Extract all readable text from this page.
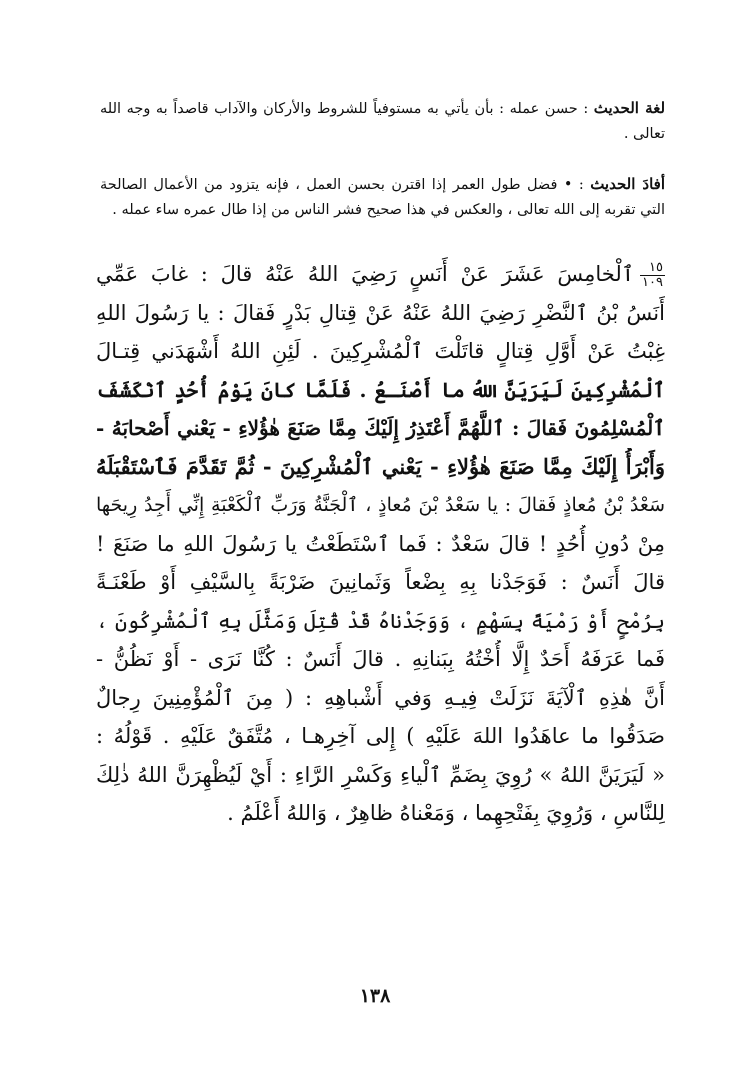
لغة الحديث : حسن عمله : بأن يأتي به مستوفياً للشروط والأركان والآداب قاصداً به وجه الله تعالى .
أفادَ الحديث : • فضل طول العمر إذا اقترن بحسن العمل ، فإنه يتزود من الأعمال الصالحة التي تقربه إلى الله تعالى ، والعكس في هذا صحيح فشر الناس من إذا طال عمره ساء عمله .
١٥
١٠٩
ٱلْخامِسَ عَشَرَ عَنْ أَنَسٍ رَضِيَ اللهُ عَنْهُ قالَ : غابَ عَمِّي
أَنَسُ بْنُ ٱلنَّضْرِ رَضِيَ اللهُ عَنْهُ عَنْ قِتالِ بَدْرٍ فَقالَ : يا رَسُولَ اللهِ
غِبْتُ عَنْ أَوَّلِ قِتالٍ قاتَلْتَ ٱلْمُشْرِكِينَ . لَئِنِ اللهُ أَشْهَدَني قِتـالَ
ٱلْمُشْرِكِينَ لَيَرَيَنَّ اللهُ ما أَصْنَـعُ . فَلَمَّا كانَ يَوْمُ أُحُدٍ ٱنْكَشَفَ
ٱلْمُسْلِمُونَ فَقالَ : ٱللَّهُمَّ أَعْتَذِرُ إِلَيْكَ مِمَّا صَنَعَ هٰؤُلاءِ - يَعْني أَصْحابَهُ -
وَأَبْرَأُ إِلَيْكَ مِمَّا صَنَعَ هٰؤُلاءِ - يَعْني ٱلْمُشْرِكِينَ - ثُمَّ تَقَدَّمَ فَٱسْتَقْبَلَهُ
سَعْدُ بْنُ مُعاذٍ فَقالَ : يا سَعْدُ بْنَ مُعاذٍ ، ٱلْجَنَّةُ وَرَبِّ ٱلْكَعْبَةِ إِنِّي أَجِدُ رِيحَها
مِنْ دُونِ أُحُدٍ ! قالَ سَعْدٌ : فَما ٱسْتَطَعْتُ يا رَسُولَ اللهِ ما صَنَعَ !
قالَ أَنَسٌ : فَوَجَدْنا بِهِ بِضْعاً وَثَمانِينَ ضَرْبَةً بِالسَّيْفِ أَوْ طَعْنَـةً
بِرُمْحٍ أَوْ رَمْيَةً بِسَهْمٍ ، وَوَجَدْناهُ قَدْ قُتِلَ وَمَثَّلَ بِهِ ٱلْمُشْرِكُونَ ،
فَما عَرَفَهُ أَحَدٌ إِلَّا أُخْتُهُ بِبَنانِهِ . قالَ أَنَسٌ : كُنَّا نَرَى - أَوْ نَظُنُّ -
أَنَّ هٰذِهِ ٱلْآيَةَ نَزَلَتْ فِيـهِ وَفي أَشْباهِهِ : ( مِنَ ٱلْمُؤْمِنِينَ رِجالٌ
صَدَقُوا ما عاهَدُوا اللهَ عَلَيْهِ ) إِلى آخِرِهـا ، مُتَّفَقٌ عَلَيْهِ . قَوْلُهُ :
« لَيَرَيَنَّ اللهُ » رُوِيَ بِضَمِّ ٱلْياءِ وَكَسْرِ الرَّاءِ : أَيْ لَيُظْهِرَنَّ اللهُ ذٰلِكَ
لِلنَّاسِ ، وَرُوِيَ بِفَتْحِهِما ، وَمَعْناهُ ظاهِرٌ ، وَاللهُ أَعْلَمُ .
١٣٨
